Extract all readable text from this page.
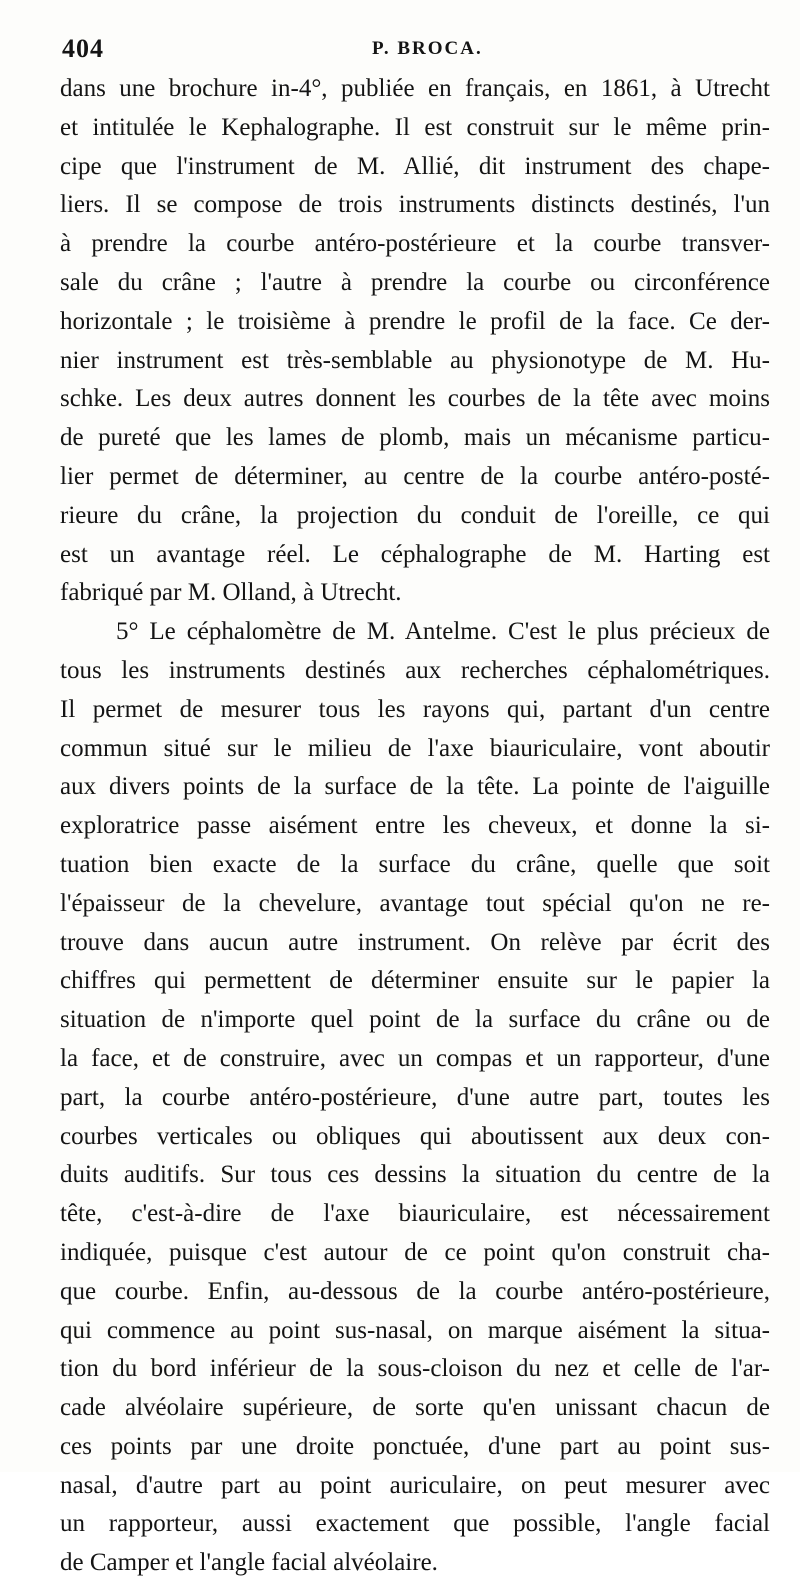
404	P. BROCA.
dans une brochure in-4°, publiée en français, en 1861, à Utrecht
et intitulée le Kephalographe. Il est construit sur le même prin-
cipe que l'instrument de M. Allié, dit instrument des chape-
liers. Il se compose de trois instruments distincts destinés, l'un
à prendre la courbe antéro-postérieure et la courbe transver-
sale du crâne ; l'autre à prendre la courbe ou circonférence
horizontale ; le troisième à prendre le profil de la face. Ce der-
nier instrument est très-semblable au physionotype de M. Hu-
schke. Les deux autres donnent les courbes de la tête avec moins
de pureté que les lames de plomb, mais un mécanisme particu-
lier permet de déterminer, au centre de la courbe antéro-posté-
rieure du crâne, la projection du conduit de l'oreille, ce qui
est un avantage réel. Le céphalographe de M. Harting est
fabriqué par M. Olland, à Utrecht.
5° Le céphalomètre de M. Antelme. C'est le plus précieux de
tous les instruments destinés aux recherches céphalométriques.
Il permet de mesurer tous les rayons qui, partant d'un centre
commun situé sur le milieu de l'axe biauriculaire, vont aboutir
aux divers points de la surface de la tête. La pointe de l'aiguille
exploratrice passe aisément entre les cheveux, et donne la si-
tuation bien exacte de la surface du crâne, quelle que soit
l'épaisseur de la chevelure, avantage tout spécial qu'on ne re-
trouve dans aucun autre instrument. On relève par écrit des
chiffres qui permettent de déterminer ensuite sur le papier la
situation de n'importe quel point de la surface du crâne ou de
la face, et de construire, avec un compas et un rapporteur, d'une
part, la courbe antéro-postérieure, d'une autre part, toutes les
courbes verticales ou obliques qui aboutissent aux deux con-
duits auditifs. Sur tous ces dessins la situation du centre de la
tête, c'est-à-dire de l'axe biauriculaire, est nécessairement
indiquée, puisque c'est autour de ce point qu'on construit cha-
que courbe. Enfin, au-dessous de la courbe antéro-postérieure,
qui commence au point sus-nasal, on marque aisément la situa-
tion du bord inférieur de la sous-cloison du nez et celle de l'ar-
cade alvéolaire supérieure, de sorte qu'en unissant chacun de
ces points par une droite ponctuée, d'une part au point sus-
nasal, d'autre part au point auriculaire, on peut mesurer avec
un rapporteur, aussi exactement que possible, l'angle facial
de Camper et l'angle facial alvéolaire.
